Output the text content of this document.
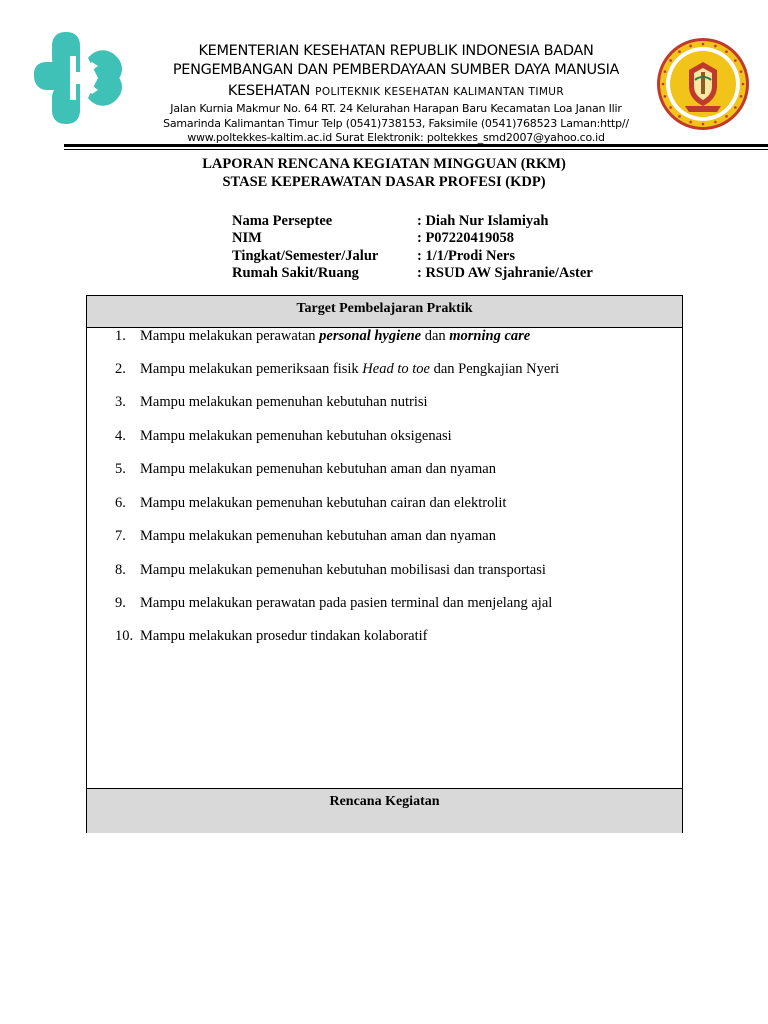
KEMENTERIAN KESEHATAN REPUBLIK INDONESIA BADAN
PENGEMBANGAN DAN PEMBERDAYAAN SUMBER DAYA MANUSIA
KESEHATAN POLITEKNIK KESEHATAN KALIMANTAN TIMUR
Jalan Kurnia Makmur No. 64 RT. 24 Kelurahan Harapan Baru Kecamatan Loa Janan Ilir
Samarinda Kalimantan Timur Telp (0541)738153, Faksimile (0541)768523 Laman:http//
www.poltekkes-kaltim.ac.id Surat Elektronik: poltekkes_smd2007@yahoo.co.id
LAPORAN RENCANA KEGIATAN MINGGUAN (RKM)
STASE KEPERAWATAN DASAR PROFESI (KDP)
Nama Perseptee	: Diah Nur Islamiyah
NIM	: P07220419058
Tingkat/Semester/Jalur	: 1/1/Prodi Ners
Rumah Sakit/Ruang	: RSUD AW Sjahranie/Aster
Target Pembelajaran Praktik
1. Mampu melakukan perawatan personal hygiene dan morning care
2. Mampu melakukan pemeriksaan fisik Head to toe dan Pengkajian Nyeri
3. Mampu melakukan pemenuhan kebutuhan nutrisi
4. Mampu melakukan pemenuhan kebutuhan oksigenasi
5. Mampu melakukan pemenuhan kebutuhan aman dan nyaman
6. Mampu melakukan pemenuhan kebutuhan cairan dan elektrolit
7. Mampu melakukan pemenuhan kebutuhan aman dan nyaman
8. Mampu melakukan pemenuhan kebutuhan mobilisasi dan transportasi
9. Mampu melakukan perawatan pada pasien terminal dan menjelang ajal
10. Mampu melakukan prosedur tindakan kolaboratif
Rencana Kegiatan
